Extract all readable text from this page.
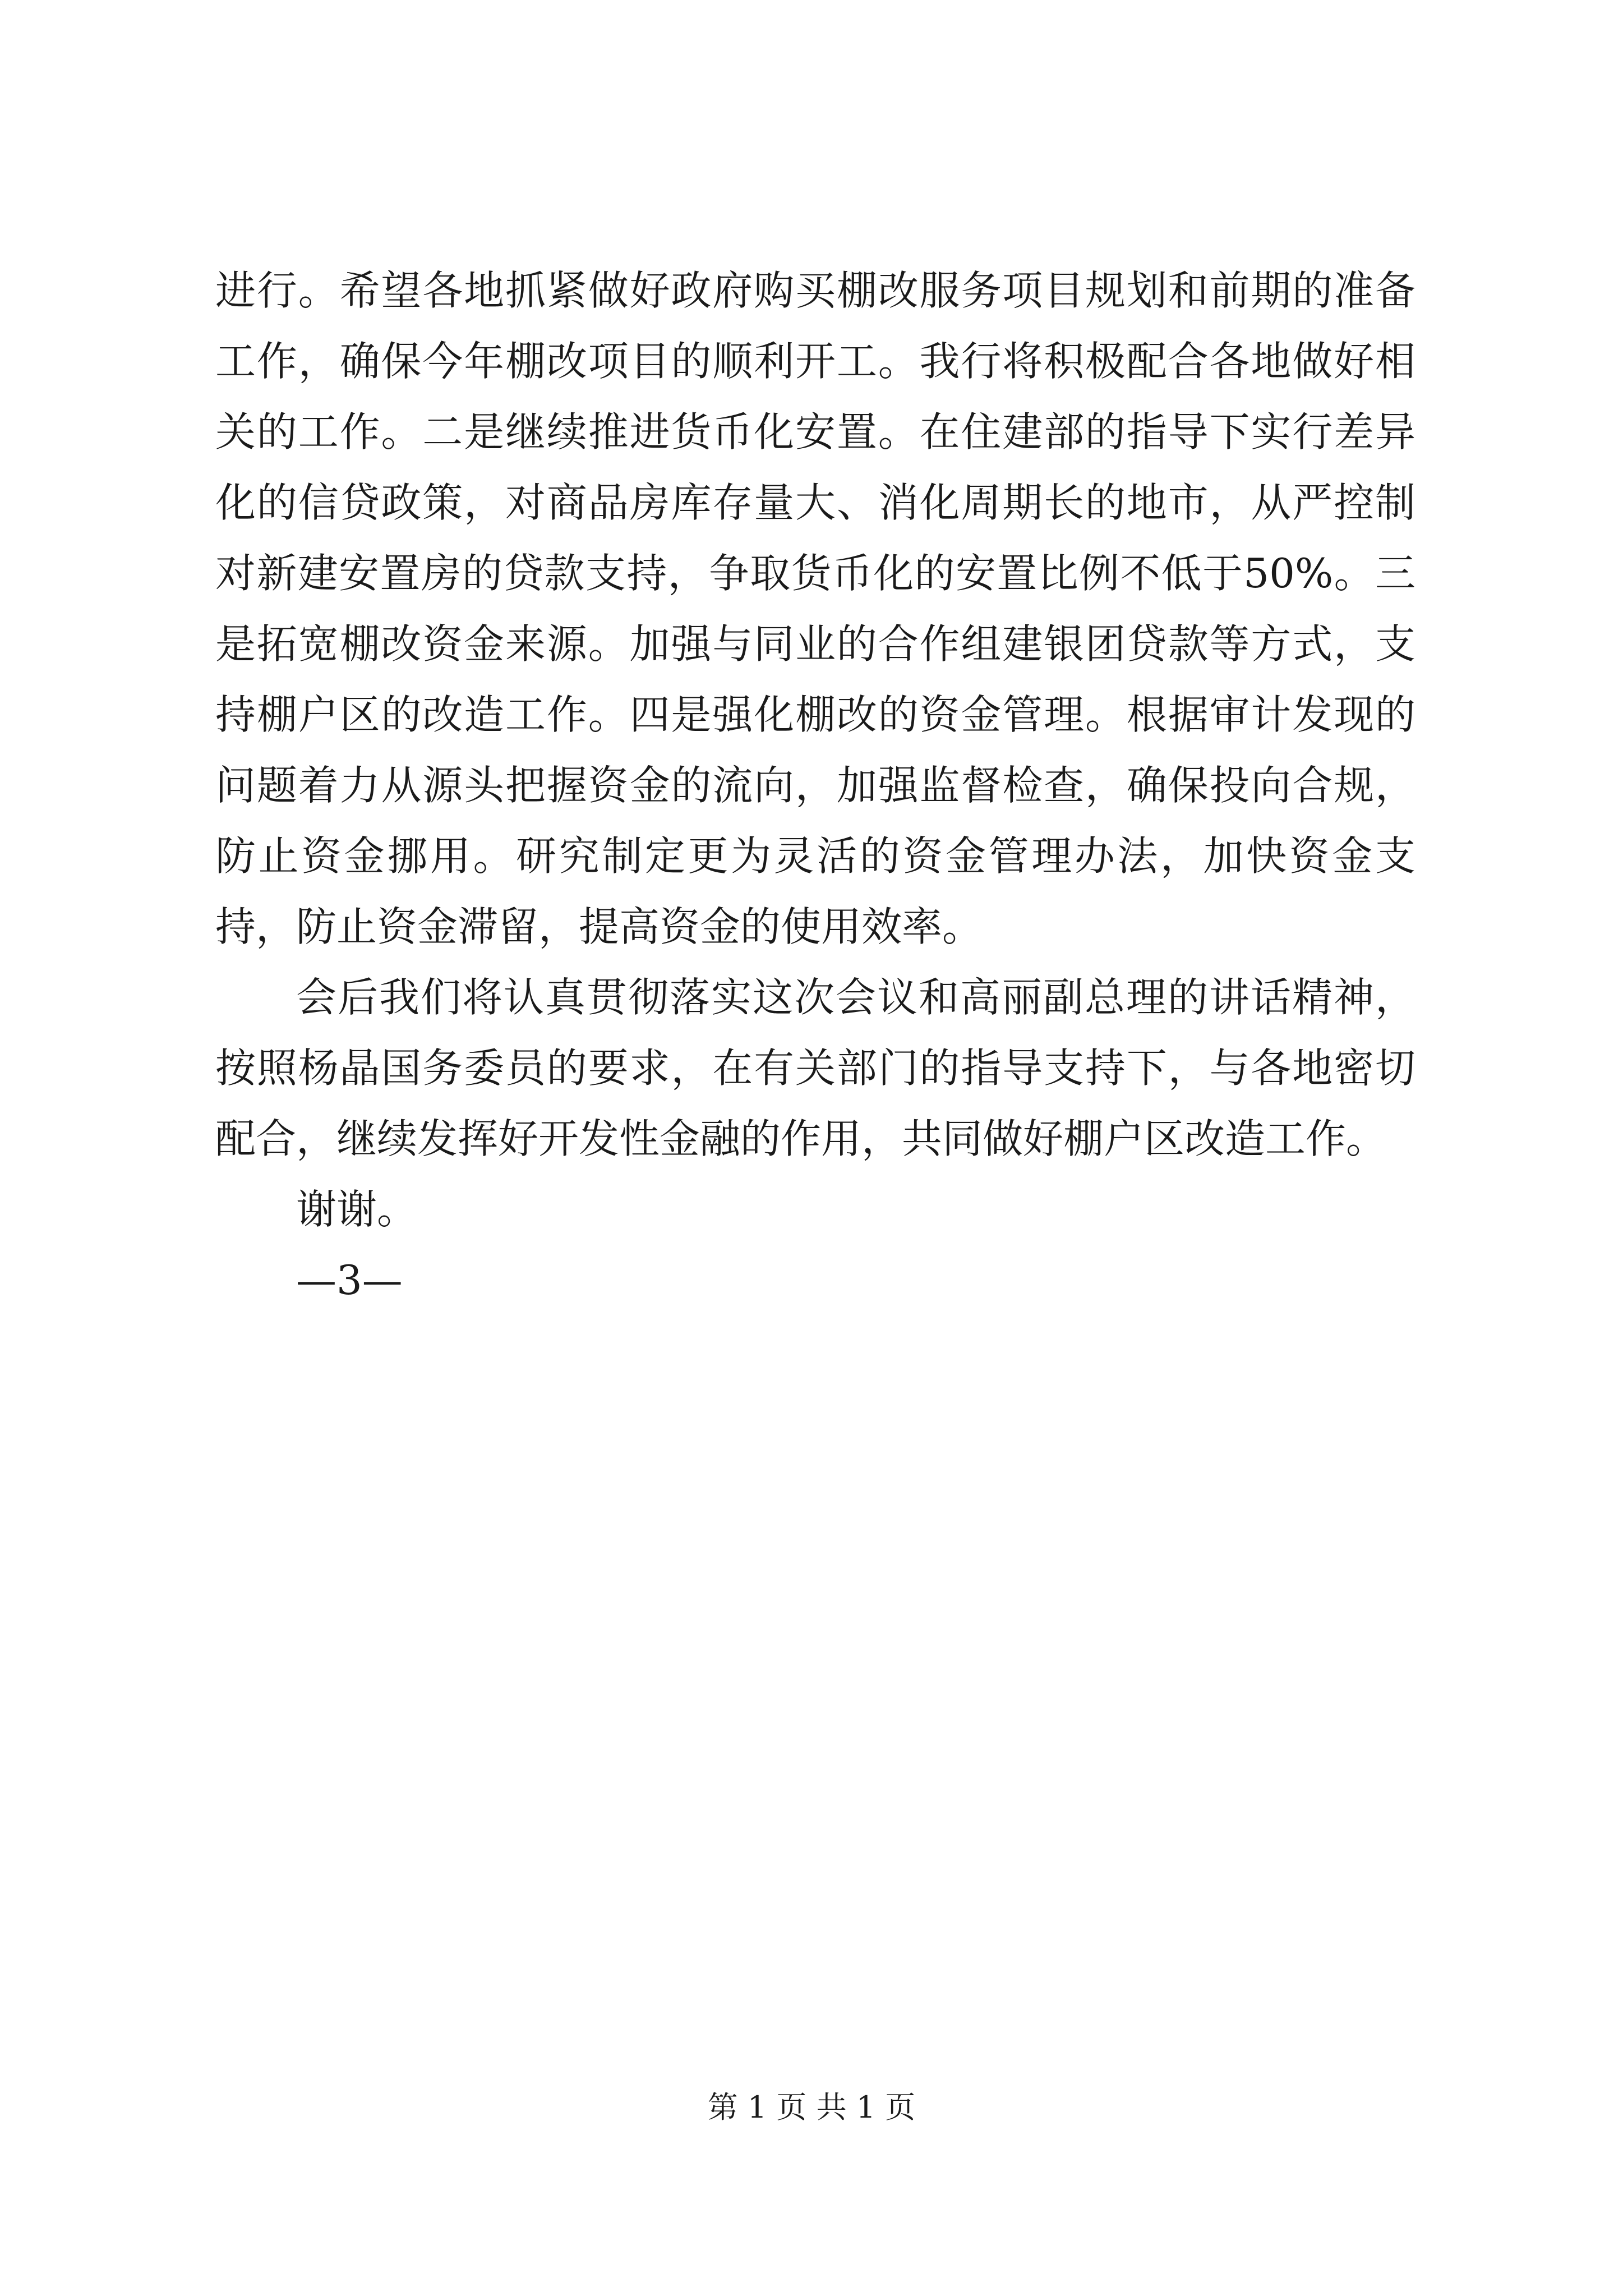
进行。希望各地抓紧做好政府购买棚改服务项目规划和前期的准备工作，确保今年棚改项目的顺利开工。我行将积极配合各地做好相关的工作。二是继续推进货币化安置。在住建部的指导下实行差异化的信贷政策，对商品房库存量大、消化周期长的地市，从严控制对新建安置房的贷款支持，争取货币化的安置比例不低于50%。三是拓宽棚改资金来源。加强与同业的合作组建银团贷款等方式，支持棚户区的改造工作。四是强化棚改的资金管理。根据审计发现的问题着力从源头把握资金的流向，加强监督检查，确保投向合规，防止资金挪用。研究制定更为灵活的资金管理办法，加快资金支持，防止资金滞留，提高资金的使用效率。

会后我们将认真贯彻落实这次会议和高丽副总理的讲话精神，按照杨晶国务委员的要求，在有关部门的指导支持下，与各地密切配合，继续发挥好开发性金融的作用，共同做好棚户区改造工作。

谢谢。

—3—

第 1 页 共 1 页
